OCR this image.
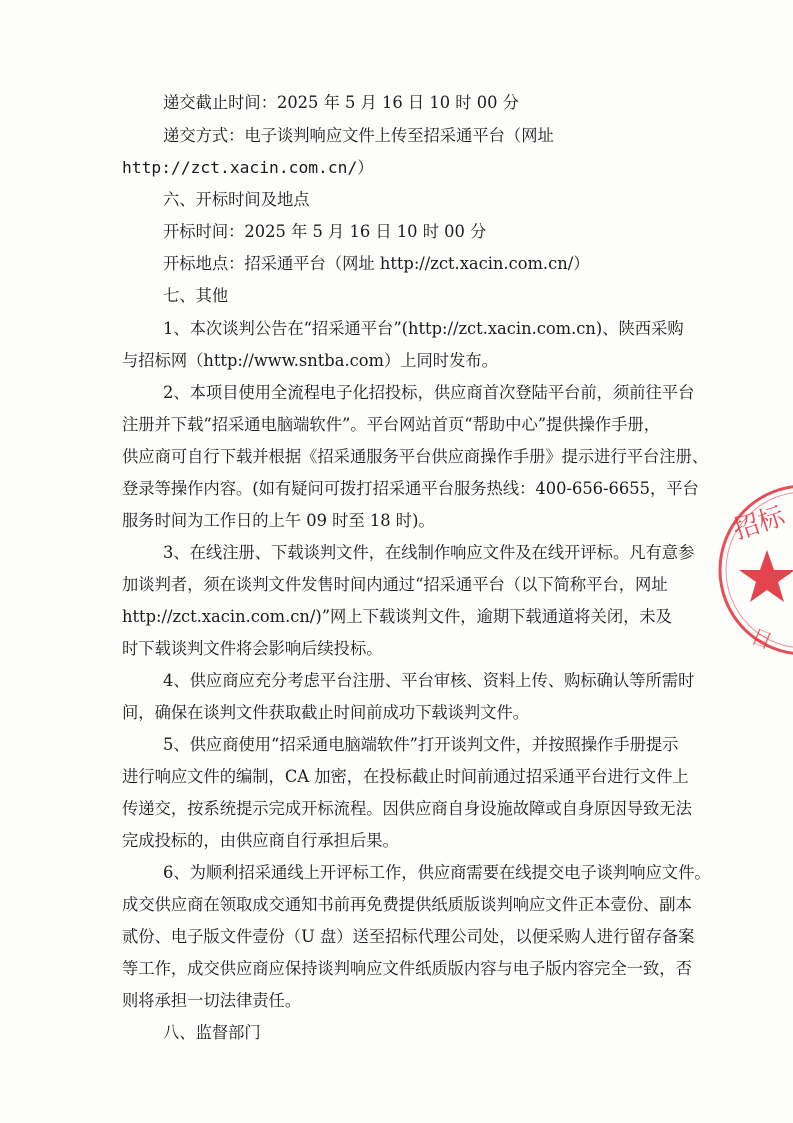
递交截止时间：2025 年 5 月 16 日 10 时 00 分
递交方式：电子谈判响应文件上传至招采通平台（网址
http://zct.xacin.com.cn/）
六、开标时间及地点
开标时间：2025 年 5 月 16 日 10 时 00 分
开标地点：招采通平台（网址 http://zct.xacin.com.cn/）
七、其他
1、本次谈判公告在“招采通平台”(http://zct.xacin.com.cn)、陕西采购
与招标网（http://www.sntba.com）上同时发布。
2、本项目使用全流程电子化招投标，供应商首次登陆平台前，须前往平台
注册并下载“招采通电脑端软件”。平台网站首页“帮助中心”提供操作手册，
供应商可自行下载并根据《招采通服务平台供应商操作手册》提示进行平台注册、
登录等操作内容。(如有疑问可拨打招采通平台服务热线：400-656-6655，平台
服务时间为工作日的上午 09 时至 18 时)。
3、在线注册、下载谈判文件，在线制作响应文件及在线开评标。凡有意参
加谈判者，须在谈判文件发售时间内通过“招采通平台（以下简称平台，网址
http://zct.xacin.com.cn/)”网上下载谈判文件，逾期下载通道将关闭，未及
时下载谈判文件将会影响后续投标。
4、供应商应充分考虑平台注册、平台审核、资料上传、购标确认等所需时
间，确保在谈判文件获取截止时间前成功下载谈判文件。
5、供应商使用“招采通电脑端软件”打开谈判文件，并按照操作手册提示
进行响应文件的编制，CA 加密，在投标截止时间前通过招采通平台进行文件上
传递交，按系统提示完成开标流程。因供应商自身设施故障或自身原因导致无法
完成投标的，由供应商自行承担后果。
6、为顺利招采通线上开评标工作，供应商需要在线提交电子谈判响应文件。
成交供应商在领取成交通知书前再免费提供纸质版谈判响应文件正本壹份、副本
贰份、电子版文件壹份（U 盘）送至招标代理公司处，以便采购人进行留存备案
等工作，成交供应商应保持谈判响应文件纸质版内容与电子版内容完全一致，否
则将承担一切法律责任。
八、监督部门
招标
目
